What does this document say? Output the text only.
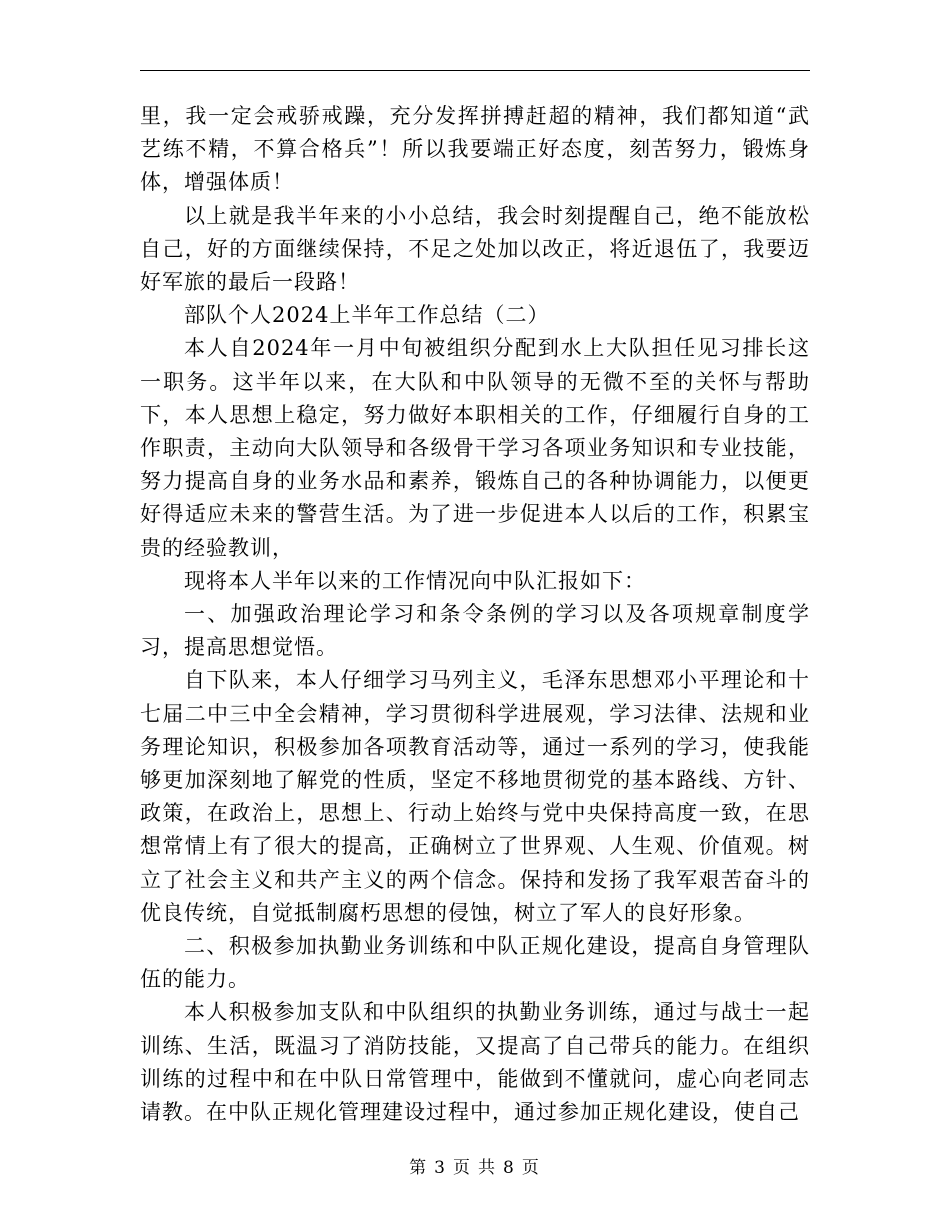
里，我一定会戒骄戒躁，充分发挥拼搏赶超的精神，我们都知道“武艺练不精，不算合格兵”！所以我要端正好态度，刻苦努力，锻炼身体，增强体质！

以上就是我半年来的小小总结，我会时刻提醒自己，绝不能放松自己，好的方面继续保持，不足之处加以改正，将近退伍了，我要迈好军旅的最后一段路！

部队个人2024上半年工作总结（二）

本人自2024年一月中旬被组织分配到水上大队担任见习排长这一职务。这半年以来，在大队和中队领导的无微不至的关怀与帮助下，本人思想上稳定，努力做好本职相关的工作，仔细履行自身的工作职责，主动向大队领导和各级骨干学习各项业务知识和专业技能，努力提高自身的业务水品和素养，锻炼自己的各种协调能力，以便更好得适应未来的警营生活。为了进一步促进本人以后的工作，积累宝贵的经验教训，

现将本人半年以来的工作情况向中队汇报如下：

一、加强政治理论学习和条令条例的学习以及各项规章制度学习，提高思想觉悟。

自下队来，本人仔细学习马列主义，毛泽东思想邓小平理论和十七届二中三中全会精神，学习贯彻科学进展观，学习法律、法规和业务理论知识，积极参加各项教育活动等，通过一系列的学习，使我能够更加深刻地了解党的性质，坚定不移地贯彻党的基本路线、方针、政策，在政治上，思想上、行动上始终与党中央保持高度一致，在思想常情上有了很大的提高，正确树立了世界观、人生观、价值观。树立了社会主义和共产主义的两个信念。保持和发扬了我军艰苦奋斗的优良传统，自觉抵制腐朽思想的侵蚀，树立了军人的良好形象。

二、积极参加执勤业务训练和中队正规化建设，提高自身管理队伍的能力。

本人积极参加支队和中队组织的执勤业务训练，通过与战士一起训练、生活，既温习了消防技能，又提高了自己带兵的能力。在组织训练的过程中和在中队日常管理中，能做到不懂就问，虚心向老同志请教。在中队正规化管理建设过程中，通过参加正规化建设，使自己

第 3 页 共 8 页
